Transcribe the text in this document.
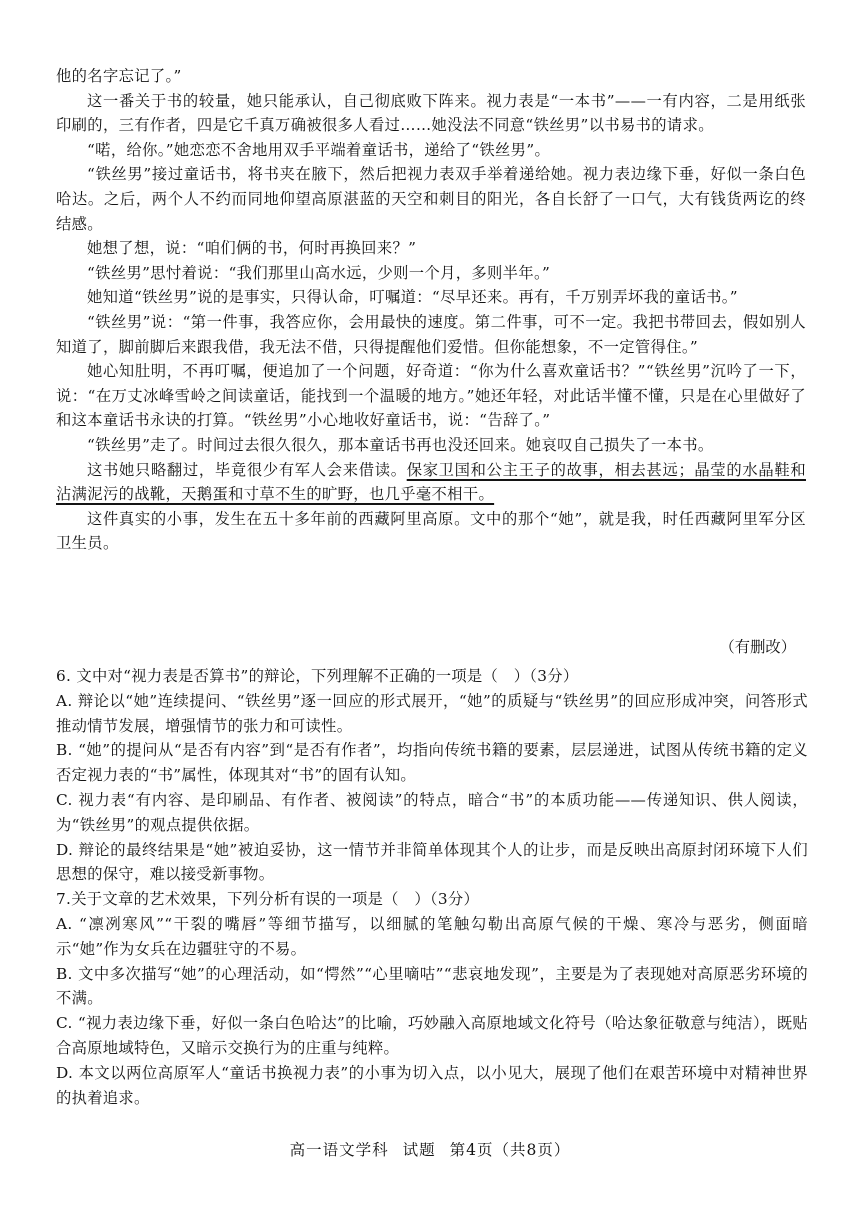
他的名字忘记了。”

这一番关于书的较量，她只能承认，自己彻底败下阵来。视力表是“一本书”——一有内容，二是用纸张印刷的，三有作者，四是它千真万确被很多人看过……她没法不同意“铁丝男”以书易书的请求。

“喏，给你。”她恋恋不舍地用双手平端着童话书，递给了“铁丝男”。

“铁丝男”接过童话书，将书夹在腋下，然后把视力表双手举着递给她。视力表边缘下垂，好似一条白色哈达。之后，两个人不约而同地仰望高原湛蓝的天空和刺目的阳光，各自长舒了一口气，大有钱货两讫的终结感。

她想了想，说：“咱们俩的书，何时再换回来？”

“铁丝男”思忖着说：“我们那里山高水远，少则一个月，多则半年。”

她知道“铁丝男”说的是事实，只得认命，叮嘱道：“尽早还来。再有，千万别弄坏我的童话书。”

“铁丝男”说：“第一件事，我答应你，会用最快的速度。第二件事，可不一定。我把书带回去，假如别人知道了，脚前脚后来跟我借，我无法不借，只得提醒他们爱惜。但你能想象，不一定管得住。”

她心知肚明，不再叮嘱，便追加了一个问题，好奇道：“你为什么喜欢童话书？”“铁丝男”沉吟了一下，说：“在万丈冰峰雪岭之间读童话，能找到一个温暖的地方。”她还年轻，对此话半懂不懂，只是在心里做好了和这本童话书永诀的打算。“铁丝男”小心地收好童话书，说：“告辞了。”

“铁丝男”走了。时间过去很久很久，那本童话书再也没还回来。她哀叹自己损失了一本书。

这书她只略翻过，毕竟很少有军人会来借读。保家卫国和公主王子的故事，相去甚远；晶莹的水晶鞋和沾满泥污的战靴，天鹅蛋和寸草不生的旷野，也几乎毫不相干。

这件真实的小事，发生在五十多年前的西藏阿里高原。文中的那个“她”，就是我，时任西藏阿里军分区卫生员。

（有删改）

6. 文中对“视力表是否算书”的辩论，下列理解不正确的一项是（　）（3分）

A. 辩论以“她”连续提问、“铁丝男”逐一回应的形式展开，“她”的质疑与“铁丝男”的回应形成冲突，问答形式推动情节发展，增强情节的张力和可读性。

B. “她”的提问从“是否有内容”到“是否有作者”，均指向传统书籍的要素，层层递进，试图从传统书籍的定义否定视力表的“书”属性，体现其对“书”的固有认知。

C. 视力表“有内容、是印刷品、有作者、被阅读”的特点，暗合“书”的本质功能——传递知识、供人阅读，为“铁丝男”的观点提供依据。

D. 辩论的最终结果是“她”被迫妥协，这一情节并非简单体现其个人的让步，而是反映出高原封闭环境下人们思想的保守，难以接受新事物。

7.关于文章的艺术效果，下列分析有误的一项是（　）（3分）

A. “凛冽寒风”“干裂的嘴唇”等细节描写，以细腻的笔触勾勒出高原气候的干燥、寒冷与恶劣，侧面暗示“她”作为女兵在边疆驻守的不易。

B. 文中多次描写“她”的心理活动，如“愕然”“心里嘀咕”“悲哀地发现”，主要是为了表现她对高原恶劣环境的不满。

C. “视力表边缘下垂，好似一条白色哈达”的比喻，巧妙融入高原地域文化符号（哈达象征敬意与纯洁），既贴合高原地域特色，又暗示交换行为的庄重与纯粹。

D. 本文以两位高原军人“童话书换视力表”的小事为切入点，以小见大，展现了他们在艰苦环境中对精神世界的执着追求。

高一语文学科 试题 第4页（共8页）
